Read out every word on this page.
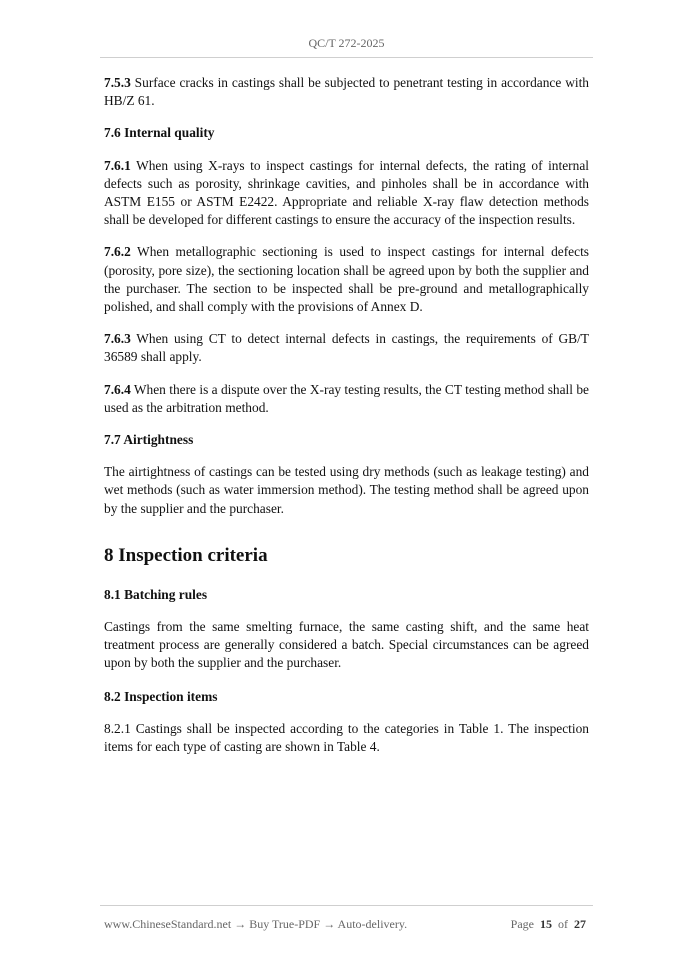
QC/T 272-2025

7.5.3 Surface cracks in castings shall be subjected to penetrant testing in accordance with HB/Z 61.

7.6 Internal quality

7.6.1 When using X-rays to inspect castings for internal defects, the rating of internal defects such as porosity, shrinkage cavities, and pinholes shall be in accordance with ASTM E155 or ASTM E2422. Appropriate and reliable X-ray flaw detection methods shall be developed for different castings to ensure the accuracy of the inspection results.

7.6.2 When metallographic sectioning is used to inspect castings for internal defects (porosity, pore size), the sectioning location shall be agreed upon by both the supplier and the purchaser. The section to be inspected shall be pre-ground and metallographically polished, and shall comply with the provisions of Annex D.

7.6.3 When using CT to detect internal defects in castings, the requirements of GB/T 36589 shall apply.

7.6.4 When there is a dispute over the X-ray testing results, the CT testing method shall be used as the arbitration method.

7.7 Airtightness

The airtightness of castings can be tested using dry methods (such as leakage testing) and wet methods (such as water immersion method). The testing method shall be agreed upon by the supplier and the purchaser.

8 Inspection criteria

8.1 Batching rules

Castings from the same smelting furnace, the same casting shift, and the same heat treatment process are generally considered a batch. Special circumstances can be agreed upon by both the supplier and the purchaser.

8.2 Inspection items

8.2.1 Castings shall be inspected according to the categories in Table 1. The inspection items for each type of casting are shown in Table 4.

www.ChineseStandard.net → Buy True-PDF → Auto-delivery.	Page 15 of 27
